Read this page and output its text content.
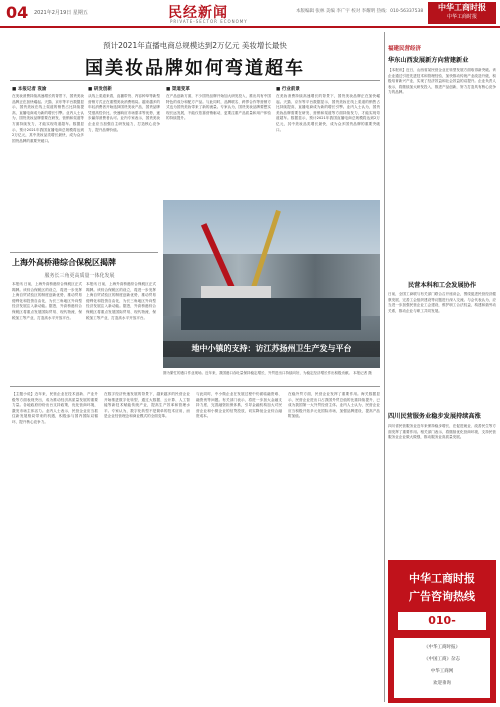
04 2021年2月19日 星期五	民经新闻
PRIVATE-SECTOR ECONOMY
本版编辑 张林 美编 李广宇 校对 李耀明 热线：010-56337538	中华工商时报
中华工商时报
预计2021年直播电商总规模达到2万亿元 美妆增长最快
国美妆品牌如何弯道超车
■ 本报记者 袁渝
在美妆消费持续高速增长的背景下，国货美妆品牌正在加快崛起。天猫、京东等平台数据显示，国货美妆在线上渠道的销售占比持续提高，直播电商成为新的增长引擎。业内人士认为，国货美妆品牌需要在研发、营销和渠道等方面持续发力，才能实现弯道超车。数据显示，预计2021年我国直播电商总规模将达到2万亿元，其中美妆品类增长最快，成为众多国货品牌的重要突破口。
■ 研发创新
从线上渠道来看，直播带货、内容种草等新型营销方式正在重塑美妆消费格局。越来越多的年轻消费者开始选择国货美妆产品，国货品牌凭借高性价比、快速响应市场需求等优势，逐步赢得消费者认可。业内专家表示，国货美妆企业应当加强自主研发能力，打造核心竞争力，提升品牌价值。
■ 渠道变革
在产品创新方面，不少国货品牌开始加大研发投入，推出具有中国特色的成分和配方产品。与此同时，品牌联名、跨界合作等营销方式也为国货美妆带来了新的流量。专家认为，国货美妆品牌要想实现长远发展，不能仅依靠营销驱动，更要注重产品质量和用户体验的持续提升。
■ 行业前景
在美妆消费持续高速增长的背景下，国货美妆品牌正在加快崛起。天猫、京东等平台数据显示，国货美妆在线上渠道的销售占比持续提高，直播电商成为新的增长引擎。业内人士认为，国货美妆品牌需要在研发、营销和渠道等方面持续发力，才能实现弯道超车。数据显示，预计2021年我国直播电商总规模将达到2万亿元，其中美妆品类增长最快，成为众多国货品牌的重要突破口。
上海外高桥港综合保税区揭牌
服务长三角更高质量一体化发展
本报讯 日前，上海外高桥港综合保税区正式揭牌。该综合保税区的设立，将进一步发挥上海自贸试验区的制度创新优势，推动贸易便利化和投资自由化，为长三角地区外向型经济发展注入新动能。据悉，外高桥港综合保税区将重点发展国际贸易、现代物流、保税加工等产业，打造高水平开放平台。
本报讯 日前，上海外高桥港综合保税区正式揭牌。该综合保税区的设立，将进一步发挥上海自贸试验区的制度创新优势，推动贸易便利化和投资自由化，为长三角地区外向型经济发展注入新动能。据悉，外高桥港综合保税区将重点发展国际贸易、现代物流、保税加工等产业，打造高水平开放平台。
地中小镇的支持：访江苏扬州卫生产发与平台
图为繁忙的港口作业现场。近年来，我国港口吞吐量保持稳定增长，外贸进出口持续向好，为稳定经济增长作出积极贡献。 本报记者 摄
【主题小说】近年来，民营企业在技术创新、产业升级等方面表现突出，成为推动经济高质量发展的重要力量。各地政府纷纷出台支持政策，优化营商环境，激发市场主体活力。业内人士表示，民营企业应当抓住新发展格局带来的机遇，积极参与国内国际双循环，提升核心竞争力。
在数字经济快速发展的背景下，越来越多的民营企业开始推进数字化转型，通过大数据、云计算、人工智能等新技术赋能传统产业，提高生产效率和管理水平。专家认为，数字化转型不是简单的技术应用，而是企业经营理念和商业模式的全面变革。
与此同时，中小微企业在发展过程中仍面临融资难、融资贵等问题。有关部门表示，将进一步加大金融支持力度，完善融资担保体系，引导金融机构加大对民营企业和小微企业的信贷投放，切实降低企业综合融资成本。
在稳外贸方面，民营企业发挥了重要作用。海关数据显示，民营企业进出口占我国外贸总值的比重持续提升，已成为我国第一大外贸经营主体。业内人士认为，民营企业应当积极开拓多元化国际市场，加强品牌建设，提高产品附加值。
福建民营经济
华东山西发展新方向营建新业
【本报讯】近日，山西省某民营企业在转型发展方面取得新突破。该企业通过引进先进技术和管理经验，加快推动传统产业改造升级，积极培育新兴产业，实现了经济效益和社会效益的双提升。企业负责人表示，将继续加大研发投入，推进产品创新，努力打造具有核心竞争力的品牌。
民营本科和工会发展协作
日前，全国工商联与有关部门联合召开座谈会，围绕促进民营经济健康发展、完善工会组织建设等议题进行深入交流。与会代表认为，应当进一步加强民营企业工会建设，维护职工合法权益，构建和谐劳动关系，推动企业与职工共同发展。
四川民营服务业稳步发展持续高涨
四川省民营服务业近年来保持稳步增长，在促进就业、改善民生等方面发挥了重要作用。相关部门表示，将继续优化营商环境，支持民营服务业企业做大做强，推动服务业高质量发展。
中华工商时报
广告咨询热线
010-
《中华工商时报》
《中国工商》杂志
中华工商网
欢迎垂询
